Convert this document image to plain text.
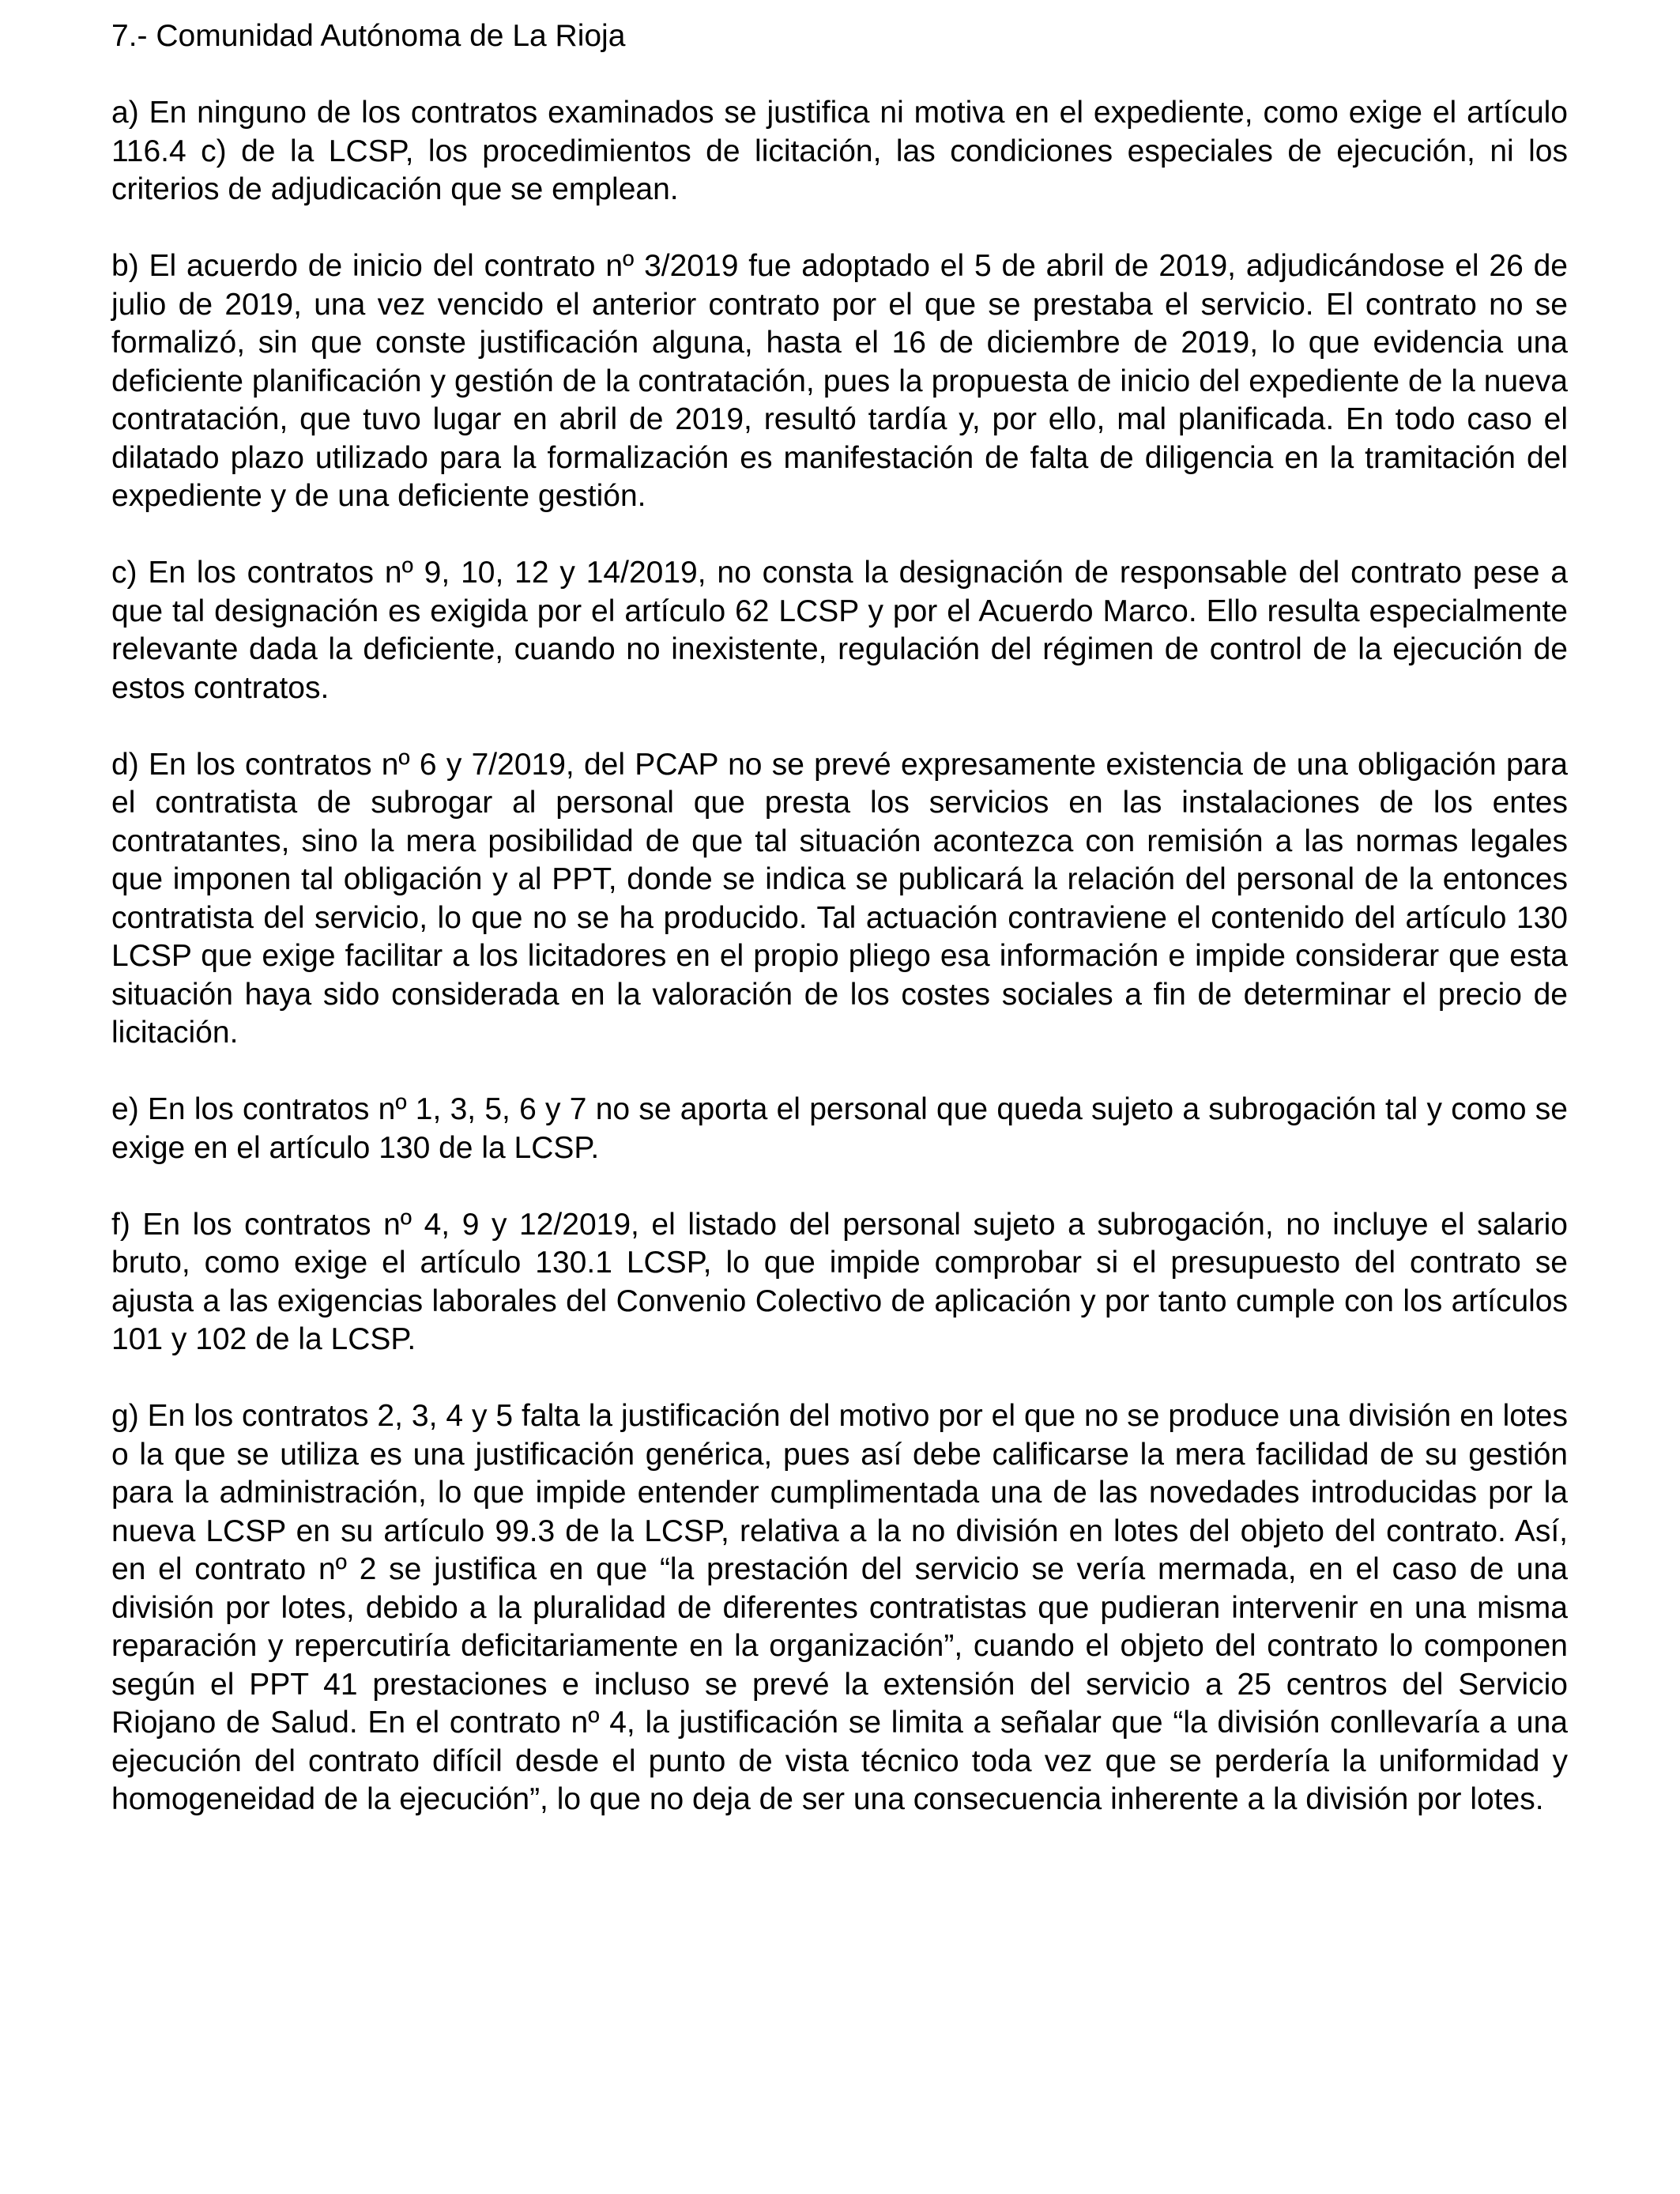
7.- Comunidad Autónoma de La Rioja

a) En ninguno de los contratos examinados se justifica ni motiva en el expediente, como exige el artículo 116.4 c) de la LCSP, los procedimientos de licitación, las condiciones especiales de ejecución, ni los criterios de adjudicación que se emplean.

b) El acuerdo de inicio del contrato nº 3/2019 fue adoptado el 5 de abril de 2019, adjudicándose el 26 de julio de 2019, una vez vencido el anterior contrato por el que se prestaba el servicio. El contrato no se formalizó, sin que conste justificación alguna, hasta el 16 de diciembre de 2019, lo que evidencia una deficiente planificación y gestión de la contratación, pues la propuesta de inicio del expediente de la nueva contratación, que tuvo lugar en abril de 2019, resultó tardía y, por ello, mal planificada. En todo caso el dilatado plazo utilizado para la formalización es manifestación de falta de diligencia en la tramitación del expediente y de una deficiente gestión.

c) En los contratos nº 9, 10, 12 y 14/2019, no consta la designación de responsable del contrato pese a que tal designación es exigida por el artículo 62 LCSP y por el Acuerdo Marco. Ello resulta especialmente relevante dada la deficiente, cuando no inexistente, regulación del régimen de control de la ejecución de estos contratos.

d) En los contratos nº 6 y 7/2019, del PCAP no se prevé expresamente existencia de una obligación para el contratista de subrogar al personal que presta los servicios en las instalaciones de los entes contratantes, sino la mera posibilidad de que tal situación acontezca con remisión a las normas legales que imponen tal obligación y al PPT, donde se indica se publicará la relación del personal de la entonces contratista del servicio, lo que no se ha producido. Tal actuación contraviene el contenido del artículo 130 LCSP que exige facilitar a los licitadores en el propio pliego esa información e impide considerar que esta situación haya sido considerada en la valoración de los costes sociales a fin de determinar el precio de licitación.

e) En los contratos nº 1, 3, 5, 6 y 7 no se aporta el personal que queda sujeto a subrogación tal y como se exige en el artículo 130 de la LCSP.

f) En los contratos nº 4, 9 y 12/2019, el listado del personal sujeto a subrogación, no incluye el salario bruto, como exige el artículo 130.1 LCSP, lo que impide comprobar si el presupuesto del contrato se ajusta a las exigencias laborales del Convenio Colectivo de aplicación y por tanto cumple con los artículos 101 y 102 de la LCSP.

g) En los contratos 2, 3, 4 y 5 falta la justificación del motivo por el que no se produce una división en lotes o la que se utiliza es una justificación genérica, pues así debe calificarse la mera facilidad de su gestión para la administración, lo que impide entender cumplimentada una de las novedades introducidas por la nueva LCSP en su artículo 99.3 de la LCSP, relativa a la no división en lotes del objeto del contrato. Así, en el contrato nº 2 se justifica en que “la prestación del servicio se vería mermada, en el caso de una división por lotes, debido a la pluralidad de diferentes contratistas que pudieran intervenir en una misma reparación y repercutiría deficitariamente en la organización”, cuando el objeto del contrato lo componen según el PPT 41 prestaciones e incluso se prevé la extensión del servicio a 25 centros del Servicio Riojano de Salud. En el contrato nº 4, la justificación se limita a señalar que “la división conllevaría a una ejecución del contrato difícil desde el punto de vista técnico toda vez que se perdería la uniformidad y homogeneidad de la ejecución”, lo que no deja de ser una consecuencia inherente a la división por lotes.
